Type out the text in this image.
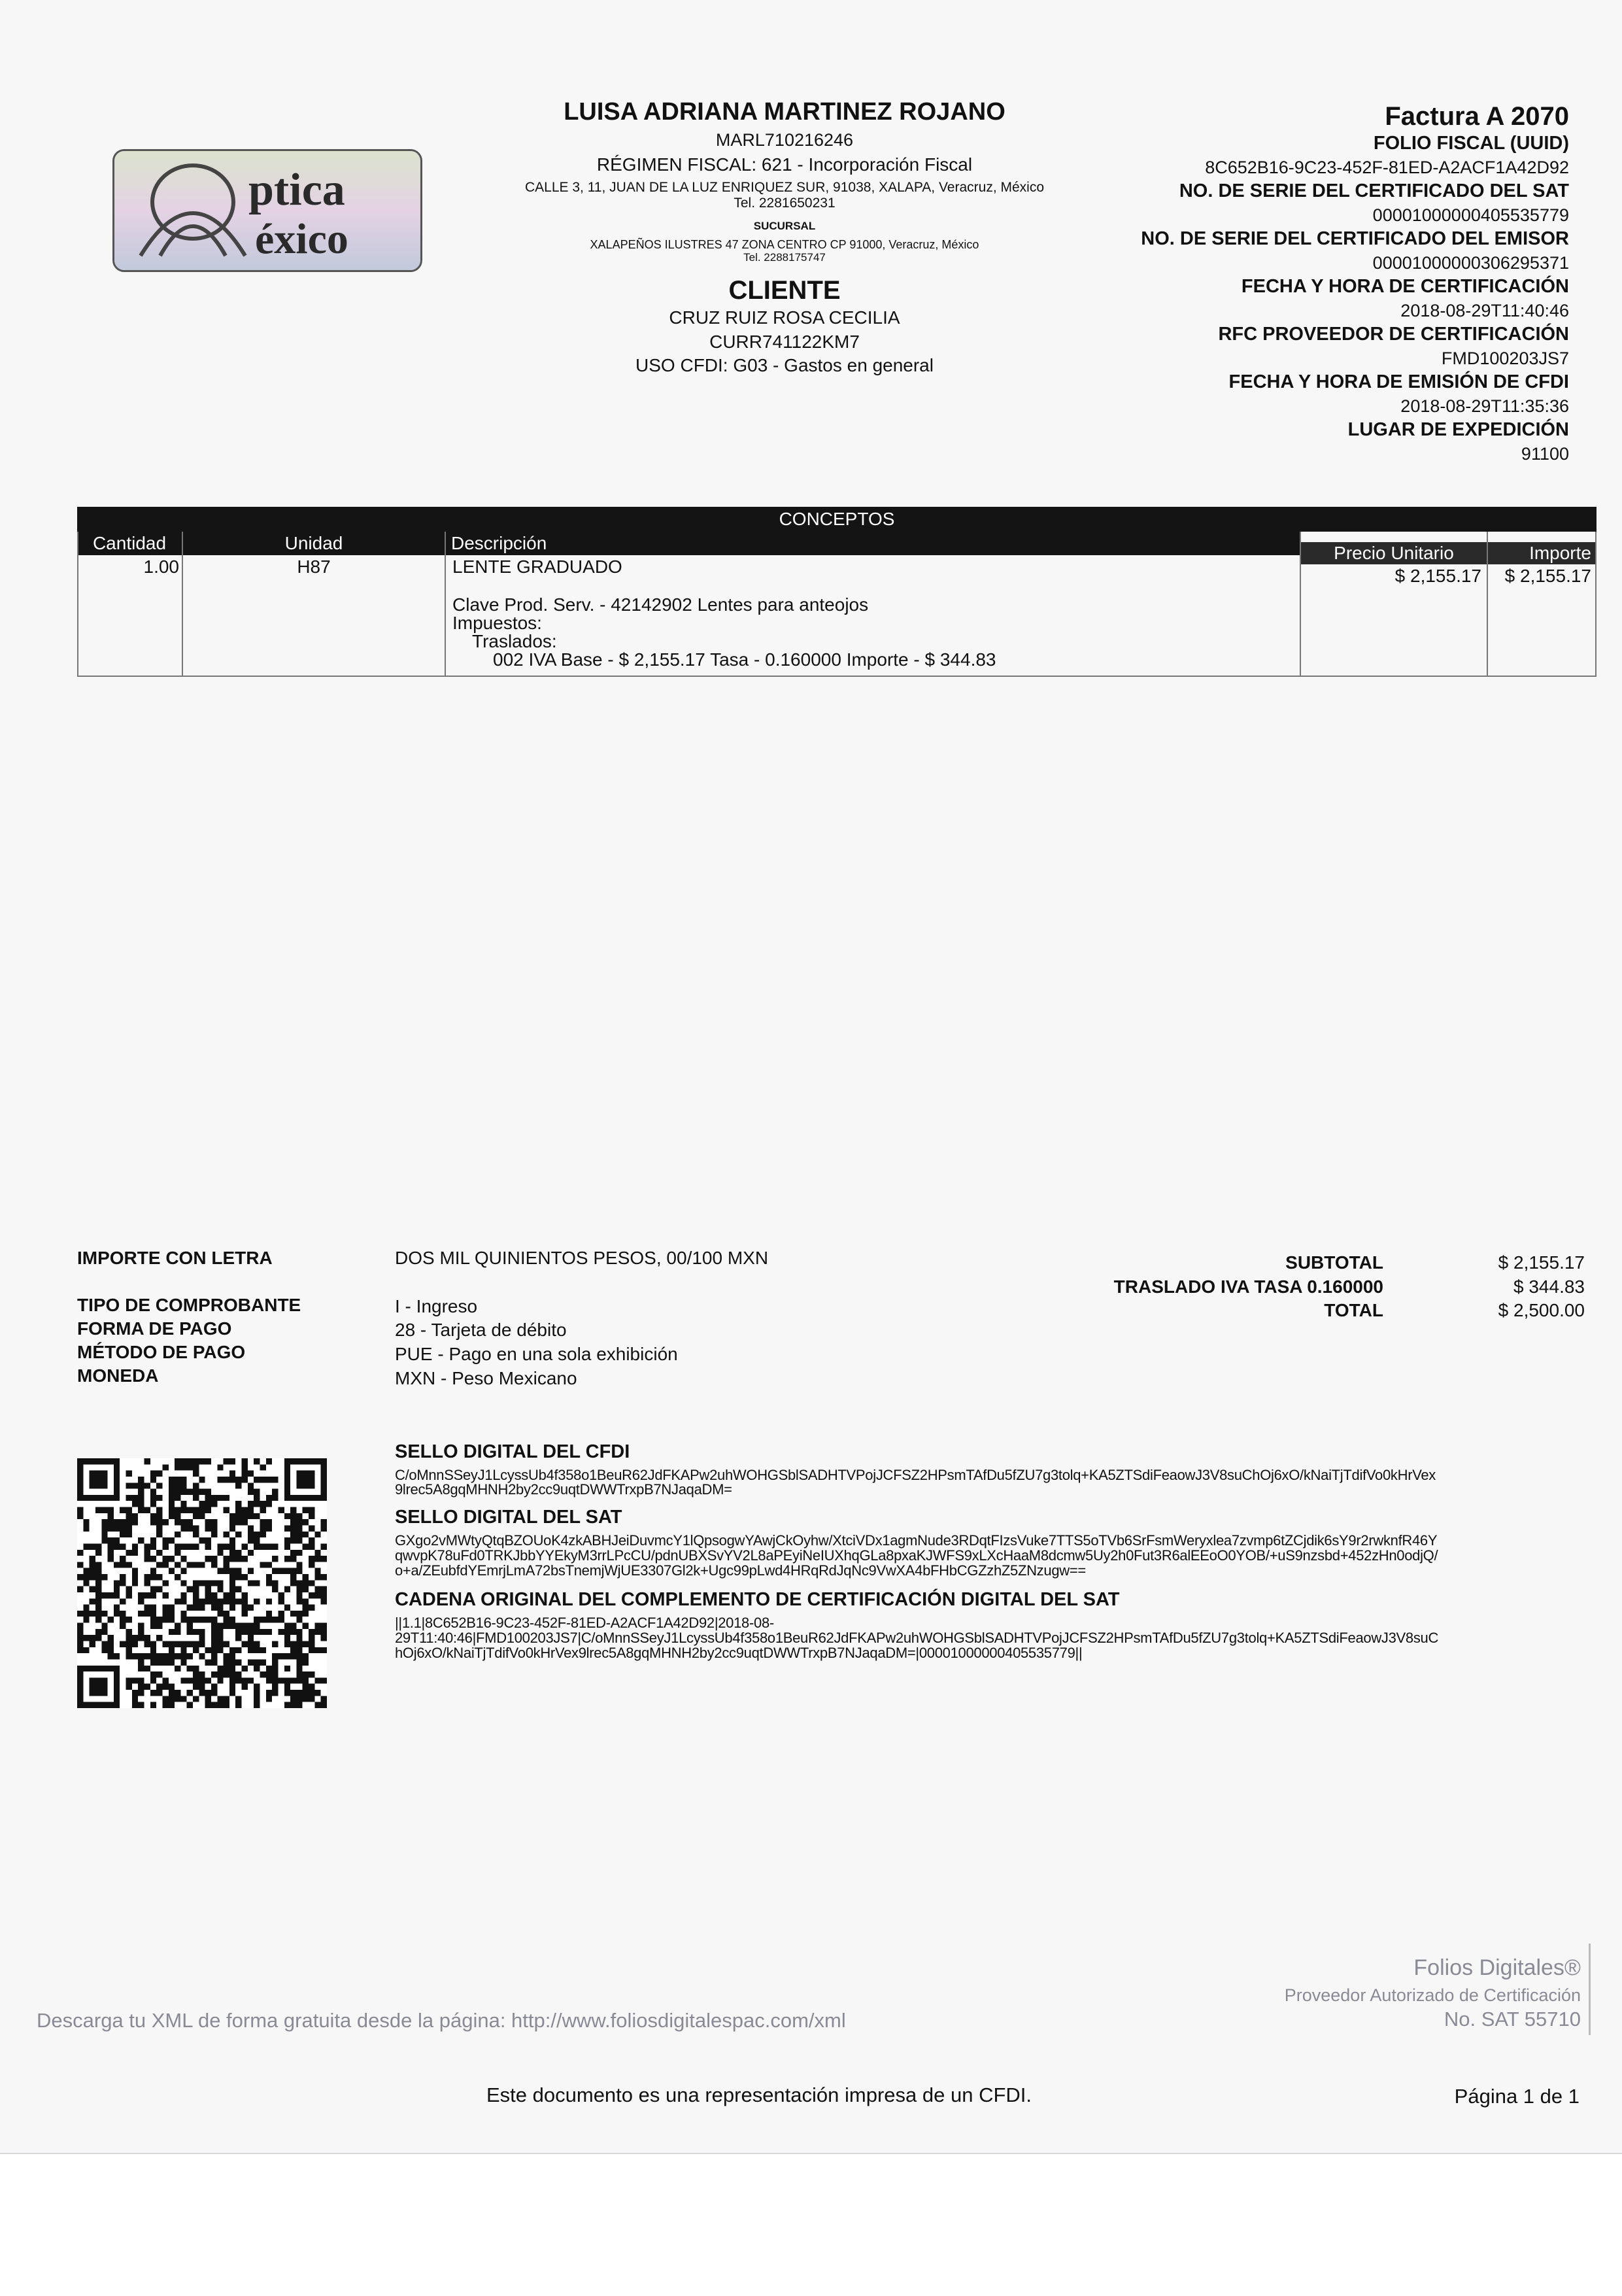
ptica
éxico
LUISA ADRIANA MARTINEZ ROJANO
MARL710216246
RÉGIMEN FISCAL: 621 - Incorporación Fiscal
CALLE 3, 11, JUAN DE LA LUZ ENRIQUEZ SUR, 91038, XALAPA, Veracruz, México
Tel. 2281650231
SUCURSAL
XALAPEÑOS ILUSTRES 47 ZONA CENTRO CP 91000, Veracruz, México
Tel. 2288175747
CLIENTE
CRUZ RUIZ ROSA CECILIA
CURR741122KM7
USO CFDI: G03 - Gastos en general
Factura A 2070
FOLIO FISCAL (UUID)
8C652B16-9C23-452F-81ED-A2ACF1A42D92
NO. DE SERIE DEL CERTIFICADO DEL SAT
00001000000405535779
NO. DE SERIE DEL CERTIFICADO DEL EMISOR
00001000000306295371
FECHA Y HORA DE CERTIFICACIÓN
2018-08-29T11:40:46
RFC PROVEEDOR DE CERTIFICACIÓN
FMD100203JS7
FECHA Y HORA DE EMISIÓN DE CFDI
2018-08-29T11:35:36
LUGAR DE EXPEDICIÓN
91100
CONCEPTOS
Cantidad	Unidad	Descripción	Precio Unitario	Importe
1.00	H87	LENTE GRADUADO
Clave Prod. Serv. - 42142902 Lentes para anteojos
Impuestos:
Traslados:
002 IVA Base - $ 2,155.17 Tasa - 0.160000 Importe - $ 344.83
$ 2,155.17	$ 2,155.17
IMPORTE CON LETRA	DOS MIL QUINIENTOS PESOS, 00/100 MXN
TIPO DE COMPROBANTE	I - Ingreso
FORMA DE PAGO	28 - Tarjeta de débito
MÉTODO DE PAGO	PUE - Pago en una sola exhibición
MONEDA	MXN - Peso Mexicano
SUBTOTAL	$ 2,155.17
TRASLADO IVA TASA 0.160000	$ 344.83
TOTAL	$ 2,500.00
SELLO DIGITAL DEL CFDI
C/oMnnSSeyJ1LcyssUb4f358o1BeuR62JdFKAPw2uhWOHGSblSADHTVPojJCFSZ2HPsmTAfDu5fZU7g3tolq+KA5ZTSdiFeaowJ3V8suChOj6xO/kNaiTjTdifVo0kHrVex
9lrec5A8gqMHNH2by2cc9uqtDWWTrxpB7NJaqaDM=
SELLO DIGITAL DEL SAT
GXgo2vMWtyQtqBZOUoK4zkABHJeiDuvmcY1lQpsogwYAwjCkOyhw/XtciVDx1agmNude3RDqtFIzsVuke7TTS5oTVb6SrFsmWeryxlea7zvmp6tZCjdik6sY9r2rwknfR46Y
qwvpK78uFd0TRKJbbYYEkyM3rrLPcCU/pdnUBXSvYV2L8aPEyiNeIUXhqGLa8pxaKJWFS9xLXcHaaM8dcmw5Uy2h0Fut3R6alEEoO0YOB/+uS9nzsbd+452zHn0odjQ/
o+a/ZEubfdYEmrjLmA72bsTnemjWjUE3307Gl2k+Ugc99pLwd4HRqRdJqNc9VwXA4bFHbCGZzhZ5ZNzugw==
CADENA ORIGINAL DEL COMPLEMENTO DE CERTIFICACIÓN DIGITAL DEL SAT
||1.1|8C652B16-9C23-452F-81ED-A2ACF1A42D92|2018-08-
29T11:40:46|FMD100203JS7|C/oMnnSSeyJ1LcyssUb4f358o1BeuR62JdFKAPw2uhWOHGSblSADHTVPojJCFSZ2HPsmTAfDu5fZU7g3tolq+KA5ZTSdiFeaowJ3V8suC
hOj6xO/kNaiTjTdifVo0kHrVex9lrec5A8gqMHNH2by2cc9uqtDWWTrxpB7NJaqaDM=|00001000000405535779||
Folios Digitales®
Proveedor Autorizado de Certificación
No. SAT 55710
Descarga tu XML de forma gratuita desde la página: http://www.foliosdigitalespac.com/xml
Este documento es una representación impresa de un CFDI.	Página 1 de 1
